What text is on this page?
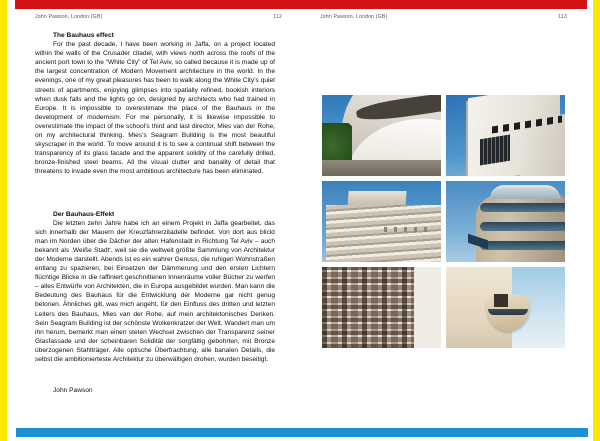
John Pawson, London (GB)	112

The Bauhaus effect

For the past decade, I have been working in Jaffa, on a project located within the walls of the Crusader citadel, with views north across the roofs of the ancient port town to the “White City” of Tel Aviv, so called because it is made up of the largest concentration of Modern Movement architecture in the world. In the evenings, one of my great pleasures has been to walk along the White City’s quiet streets of apartments, enjoying glimpses into spatially refined, bookish interiors when dusk falls and the lights go on, designed by architects who had trained in Europe. It is impossible to overestimate the place of the Bauhaus in the development of modernism. For me personally, it is likewise impossible to overestimate the impact of the school’s third and last director, Mies van der Rohe, on my architectural thinking. Mies’s Seagram Building is the most beautiful skyscraper in the world. To move around it is to see a continual shift between the transparency of its glass facade and the apparent solidity of the carefully drilled, bronze-finished steel beams. All the visual clutter and banality of detail that threatens to invade even the most ambitious architecture has been eliminated.

Der Bauhaus-Effekt

Die letzten zehn Jahre habe ich an einem Projekt in Jaffa gearbeitet, das sich innerhalb der Mauern der Kreuzfahrerzitadelle befindet. Von dort aus blickt man im Norden über die Dächer der alten Hafenstadt in Richtung Tel Aviv – auch bekannt als ‚Weiße Stadt‘, weil sie die weltweit größte Sammlung von Architektur der Moderne darstellt. Abends ist es ein wahrer Genuss, die ruhigen Wohnstraßen entlang zu spazieren, bei Einsetzen der Dämmerung und den ersten Lichtern flüchtige Blicke in die raffiniert geschnittenen Innenräume voller Bücher zu werfen – alles Entwürfe von Architekten, die in Europa ausgebildet wurden. Man kann die Bedeutung des Bauhaus für die Entwicklung der Moderne gar nicht genug betonen. Ähnliches gilt, was mich angeht, für den Einfluss des dritten und letzten Leiters des Bauhaus, Mies van der Rohe, auf mein architektonisches Denken. Sein Seagram Building ist der schönste Wolkenkratzer der Welt. Wandert man um ihn herum, bemerkt man einen steten Wechsel zwischen der Transparenz seiner Glasfassade und der scheinbaren Solidität der sorgfältig gebohrten, mit Bronze überzogenen Stahlträger. Alle optische Überfrachtung, alle banalen Details, die selbst die ambitionierteste Architektur zu überwältigen drohen, wurden beseitigt.

John Pawson

John Pawson, London (GB)	113
